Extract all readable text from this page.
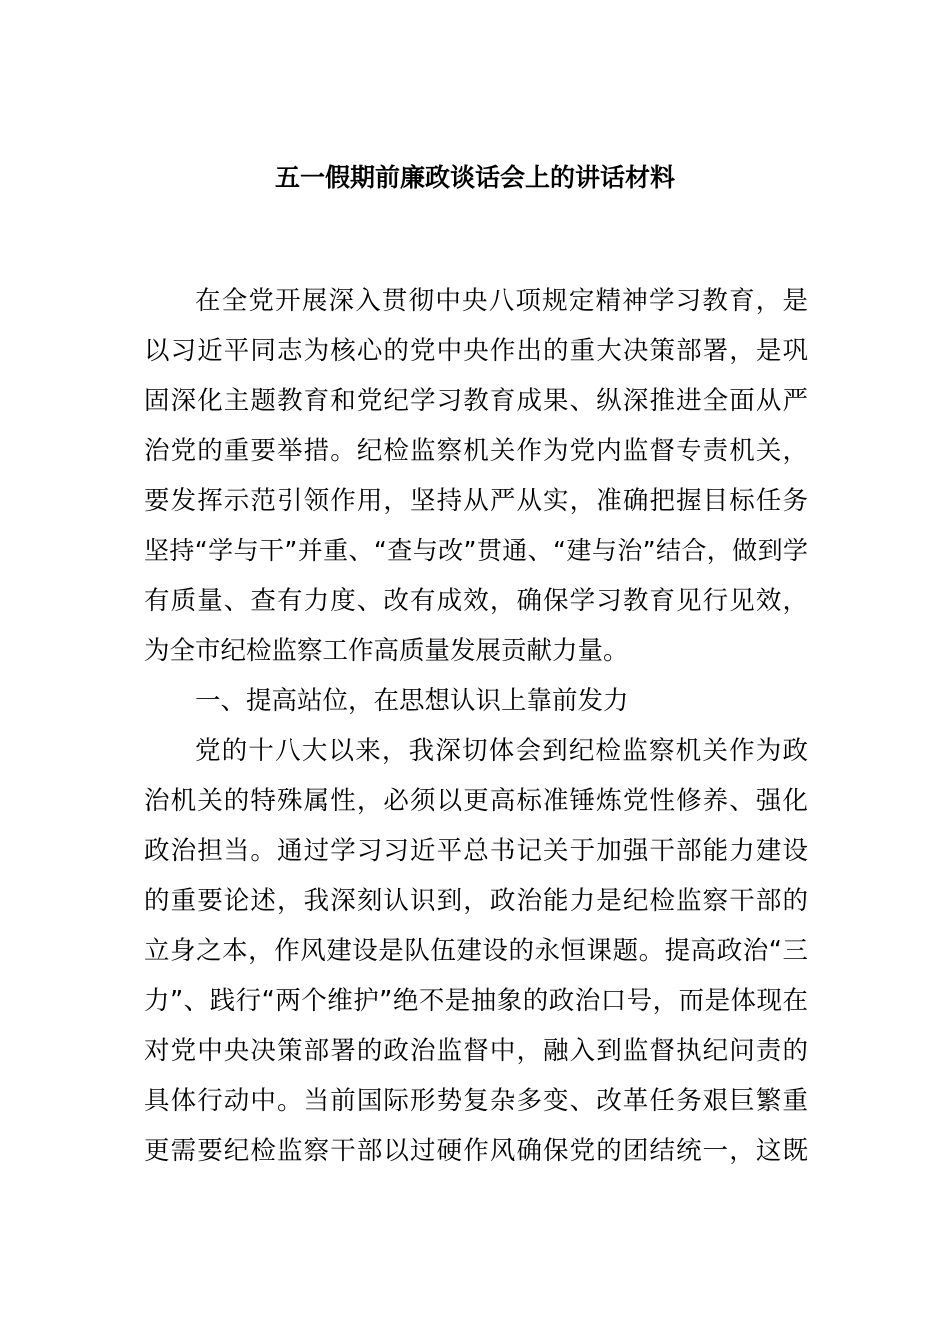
五一假期前廉政谈话会上的讲话材料
在全党开展深入贯彻中央八项规定精神学习教育，是
以习近平同志为核心的党中央作出的重大决策部署，是巩
固深化主题教育和党纪学习教育成果、纵深推进全面从严
治党的重要举措。纪检监察机关作为党内监督专责机关，
要发挥示范引领作用，坚持从严从实，准确把握目标任务
坚持“学与干”并重、“查与改”贯通、“建与治”结合，做到学
有质量、查有力度、改有成效，确保学习教育见行见效，
为全市纪检监察工作高质量发展贡献力量。
一、提高站位，在思想认识上靠前发力
党的十八大以来，我深切体会到纪检监察机关作为政
治机关的特殊属性，必须以更高标准锤炼党性修养、强化
政治担当。通过学习习近平总书记关于加强干部能力建设
的重要论述，我深刻认识到，政治能力是纪检监察干部的
立身之本，作风建设是队伍建设的永恒课题。提高政治“三
力”、践行“两个维护”绝不是抽象的政治口号，而是体现在
对党中央决策部署的政治监督中，融入到监督执纪问责的
具体行动中。当前国际形势复杂多变、改革任务艰巨繁重
更需要纪检监察干部以过硬作风确保党的团结统一，这既
